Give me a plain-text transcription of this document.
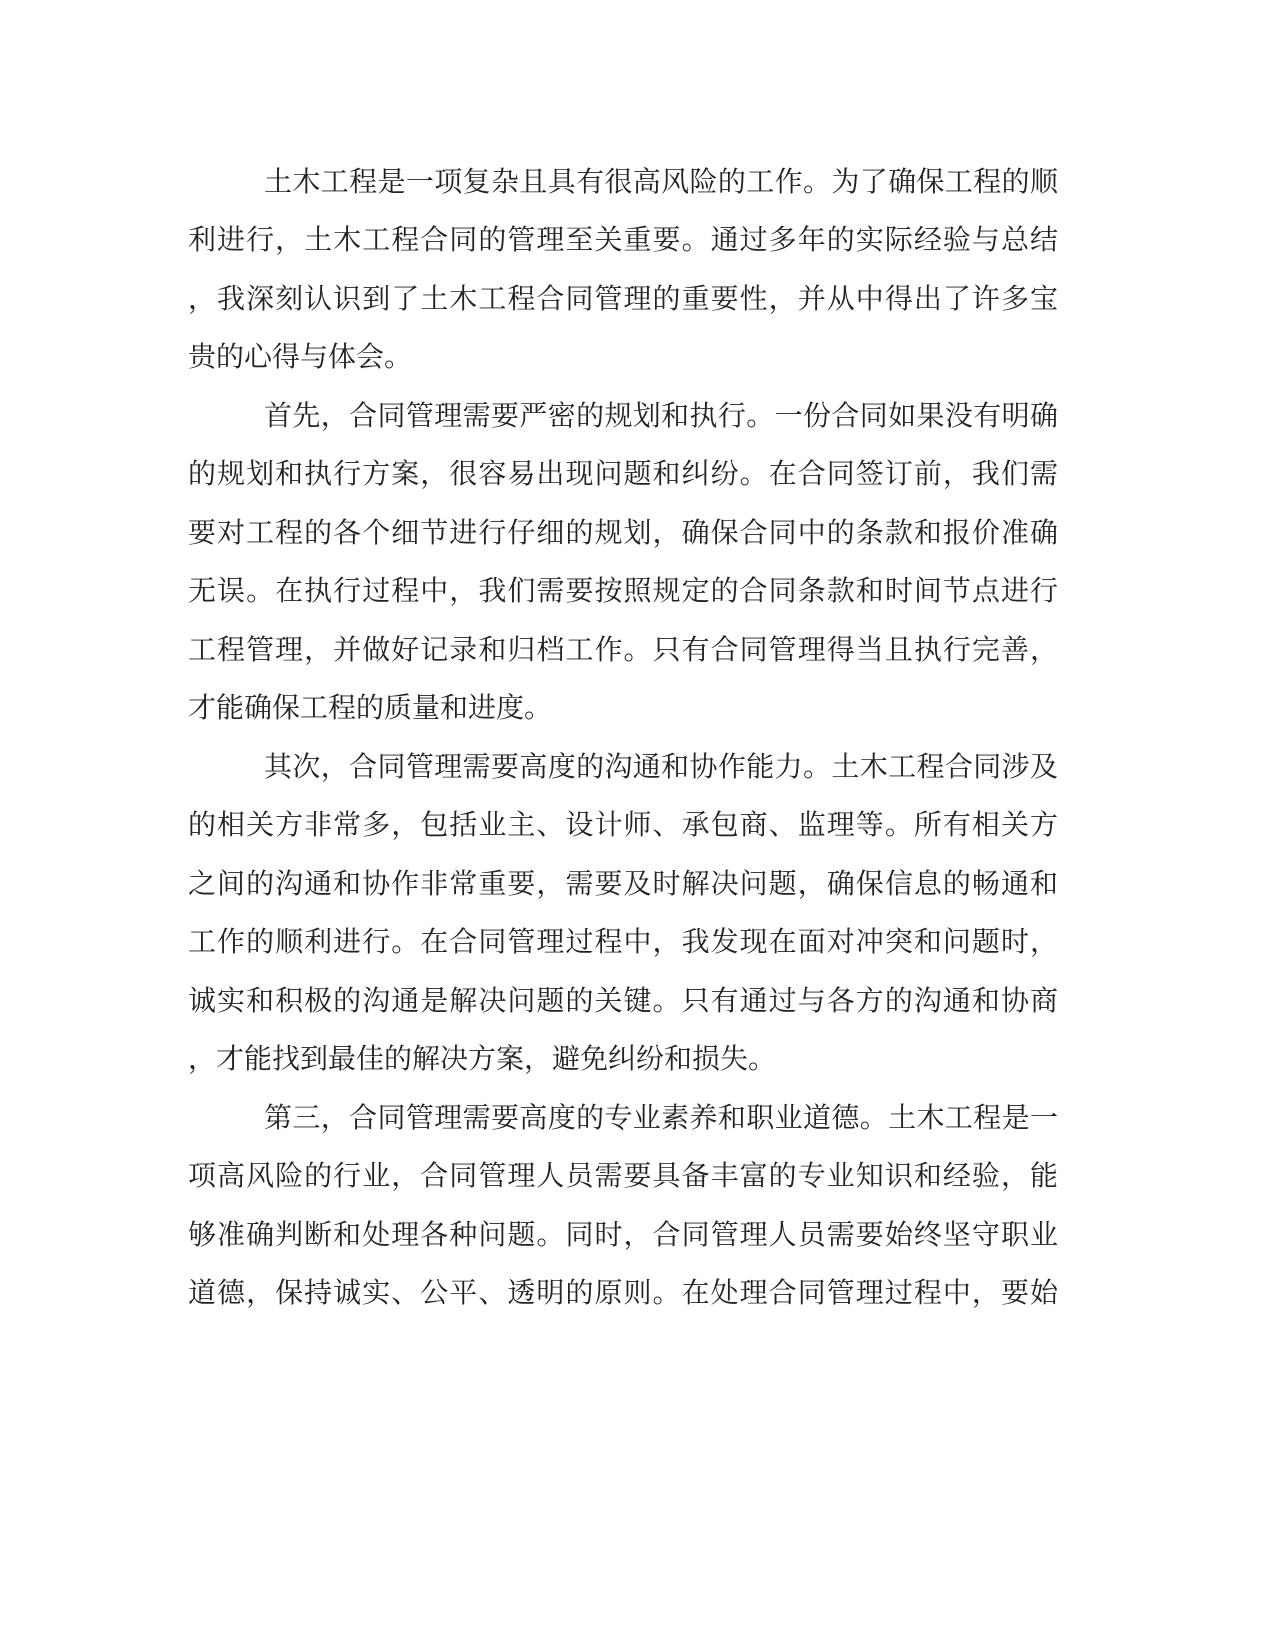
土木工程是一项复杂且具有很高风险的工作。为了确保工程的顺
利进行，土木工程合同的管理至关重要。通过多年的实际经验与总结
，我深刻认识到了土木工程合同管理的重要性，并从中得出了许多宝
贵的心得与体会。
首先，合同管理需要严密的规划和执行。一份合同如果没有明确
的规划和执行方案，很容易出现问题和纠纷。在合同签订前，我们需
要对工程的各个细节进行仔细的规划，确保合同中的条款和报价准确
无误。在执行过程中，我们需要按照规定的合同条款和时间节点进行
工程管理，并做好记录和归档工作。只有合同管理得当且执行完善，
才能确保工程的质量和进度。
其次，合同管理需要高度的沟通和协作能力。土木工程合同涉及
的相关方非常多，包括业主、设计师、承包商、监理等。所有相关方
之间的沟通和协作非常重要，需要及时解决问题，确保信息的畅通和
工作的顺利进行。在合同管理过程中，我发现在面对冲突和问题时，
诚实和积极的沟通是解决问题的关键。只有通过与各方的沟通和协商
，才能找到最佳的解决方案，避免纠纷和损失。
第三，合同管理需要高度的专业素养和职业道德。土木工程是一
项高风险的行业，合同管理人员需要具备丰富的专业知识和经验，能
够准确判断和处理各种问题。同时，合同管理人员需要始终坚守职业
道德，保持诚实、公平、透明的原则。在处理合同管理过程中，要始
